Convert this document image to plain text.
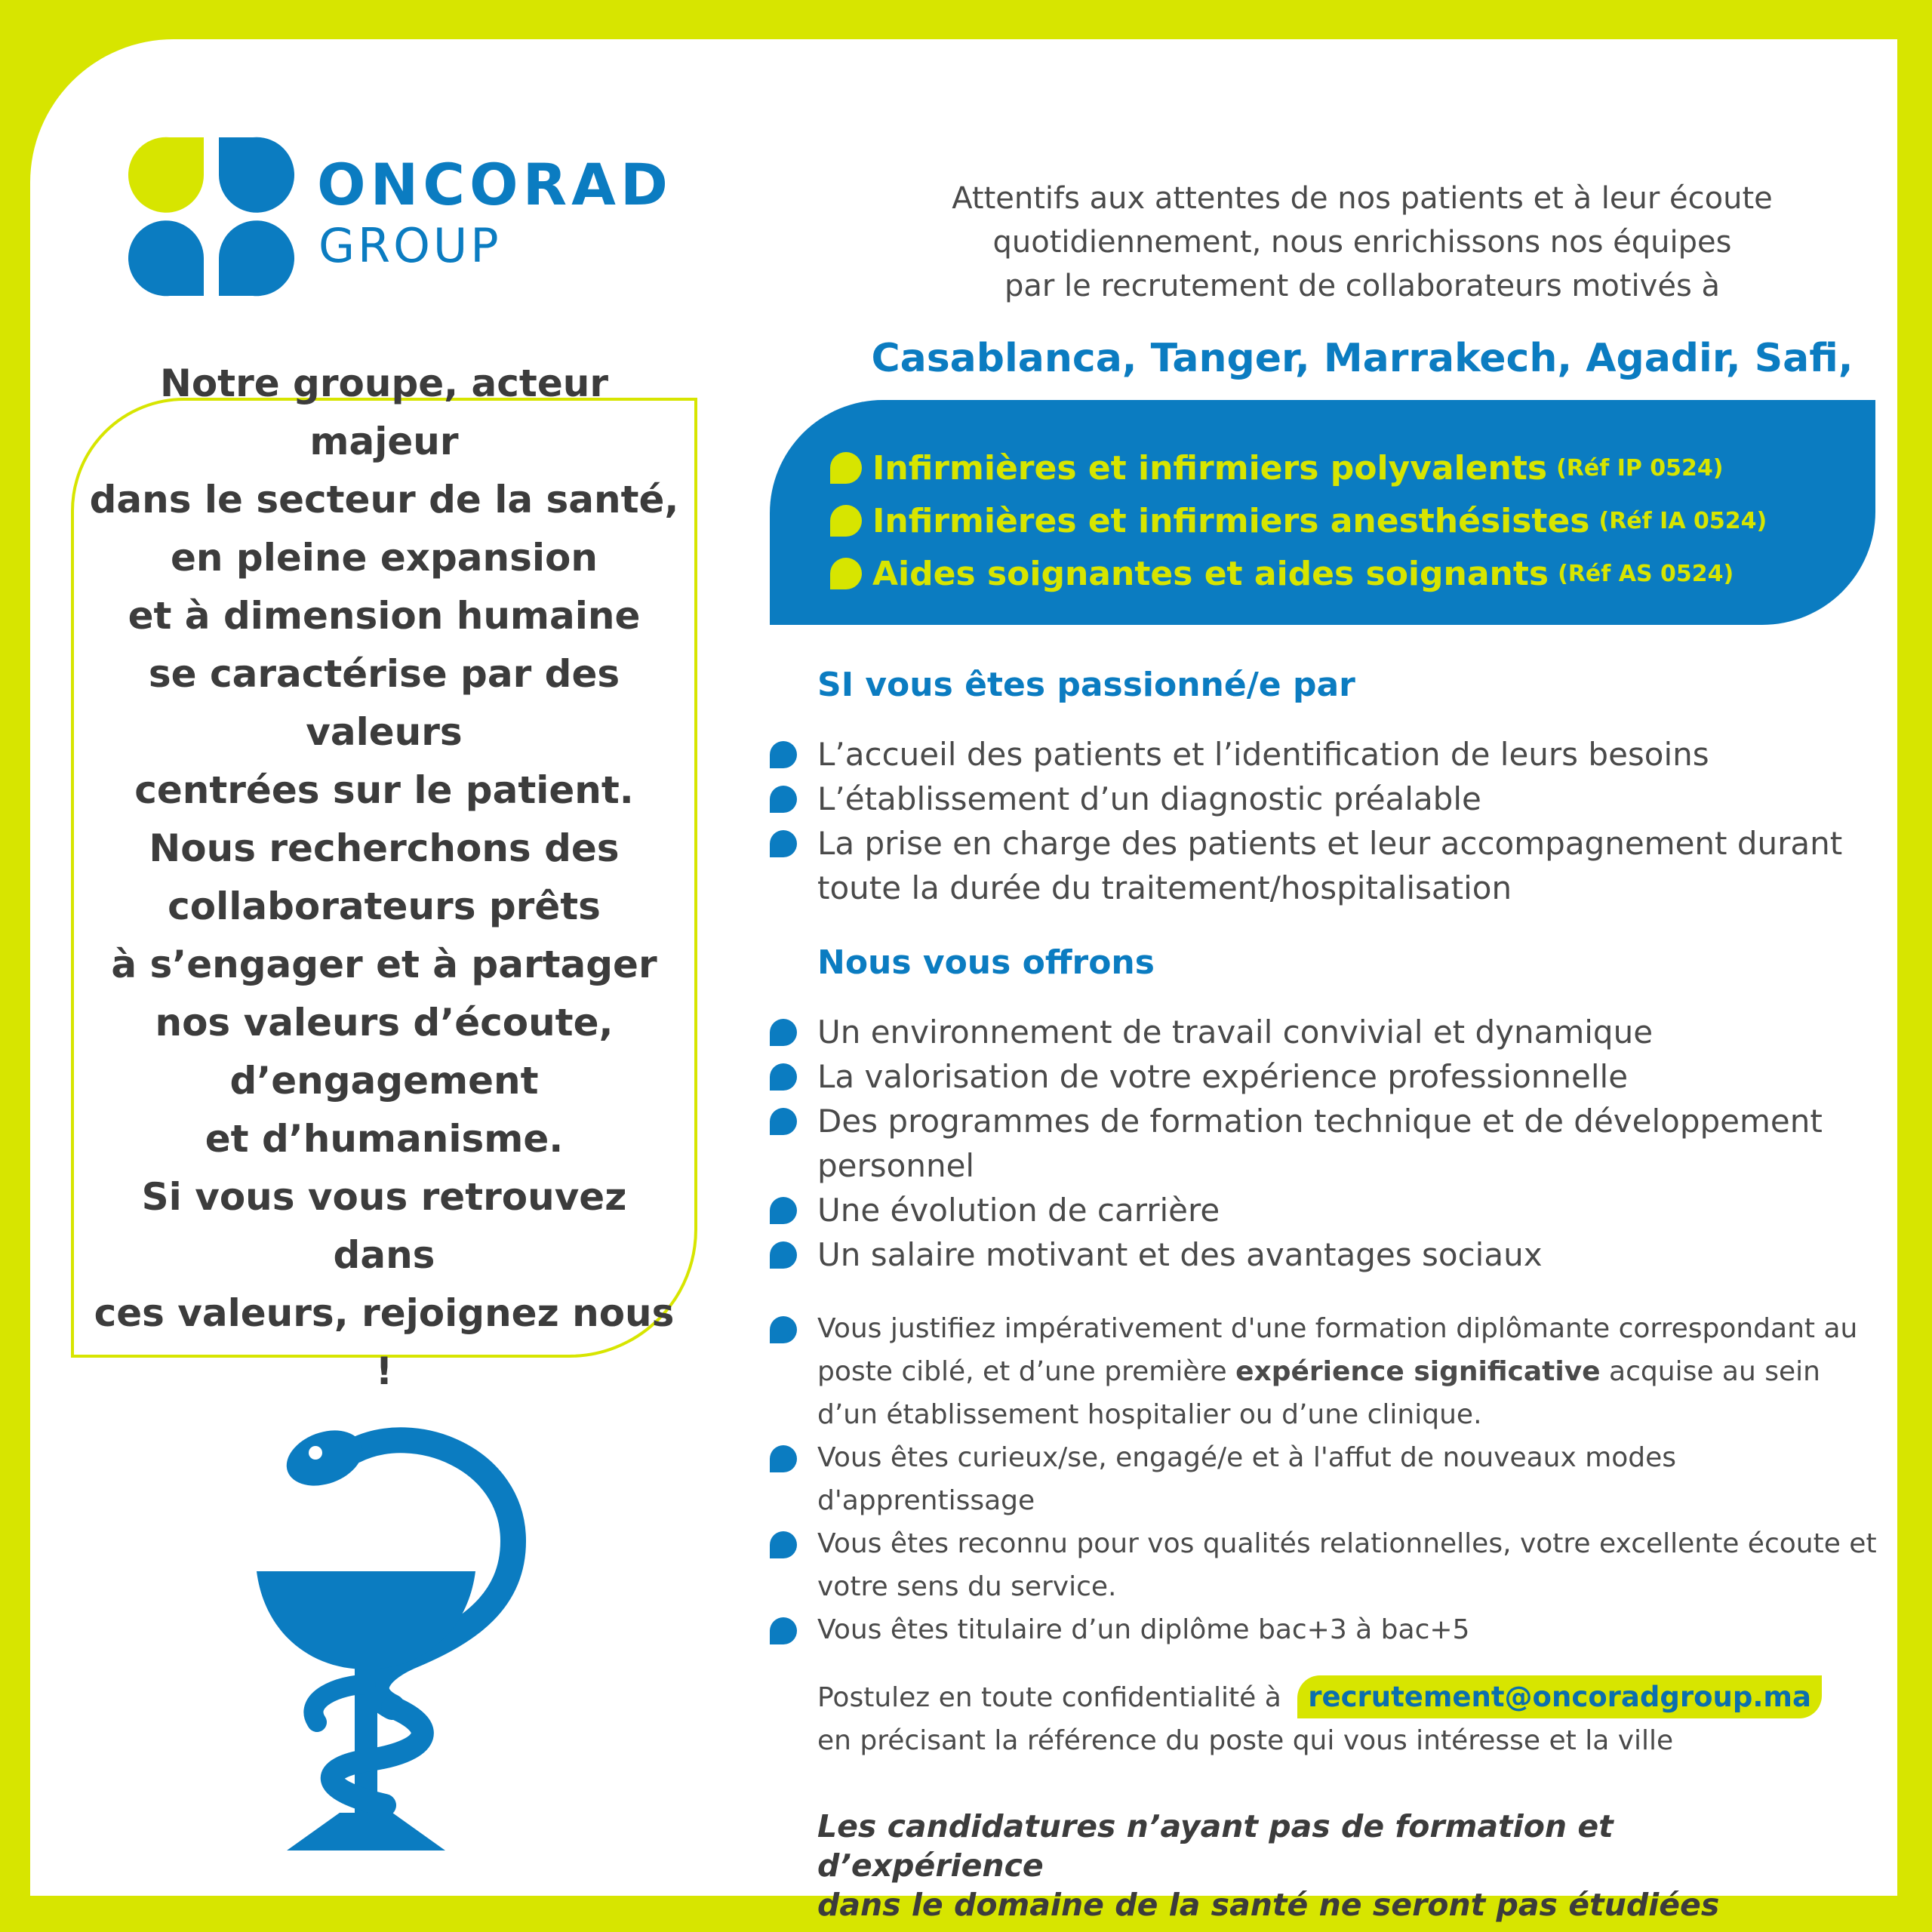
ONCORAD
GROUP
Attentifs aux attentes de nos patients et à leur écoute
quotidiennement, nous enrichissons nos équipes
par le recrutement de collaborateurs motivés à
Casablanca, Tanger, Marrakech, Agadir, Safi,
Notre groupe, acteur majeur
dans le secteur de la santé,
en pleine expansion
et à dimension humaine
se caractérise par des valeurs
centrées sur le patient.
Nous recherchons des
collaborateurs prêts
à s’engager et à partager
nos valeurs d’écoute,
d’engagement
et d’humanisme.
Si vous vous retrouvez dans
ces valeurs, rejoignez nous !
Infirmières et infirmiers polyvalents (Réf IP 0524)
Infirmières et infirmiers anesthésistes (Réf IA 0524)
Aides soignantes et aides soignants (Réf AS 0524)
SI vous êtes passionné/e par
L’accueil des patients et l’identification de leurs besoins
L’établissement d’un diagnostic préalable
La prise en charge des patients et leur accompagnement durant toute la durée du traitement/hospitalisation
Nous vous offrons
Un environnement de travail convivial et dynamique
La valorisation de votre expérience professionnelle
Des programmes de formation technique et de développement personnel
Une évolution de carrière
Un salaire motivant et des avantages sociaux
Vous justifiez impérativement d'une formation diplômante correspondant au poste ciblé, et d’une première expérience significative acquise au sein d’un établissement hospitalier ou d’une clinique.
Vous êtes curieux/se, engagé/e et à l'affut de nouveaux modes d'apprentissage
Vous êtes reconnu pour vos qualités relationnelles, votre excellente écoute et votre sens du service.
Vous êtes titulaire d’un diplôme bac+3 à bac+5
Postulez en toute confidentialité à recrutement@oncoradgroup.ma
en précisant la référence du poste qui vous intéresse et la ville
Les candidatures n’ayant pas de formation et d’expérience
dans le domaine de la santé ne seront pas étudiées
